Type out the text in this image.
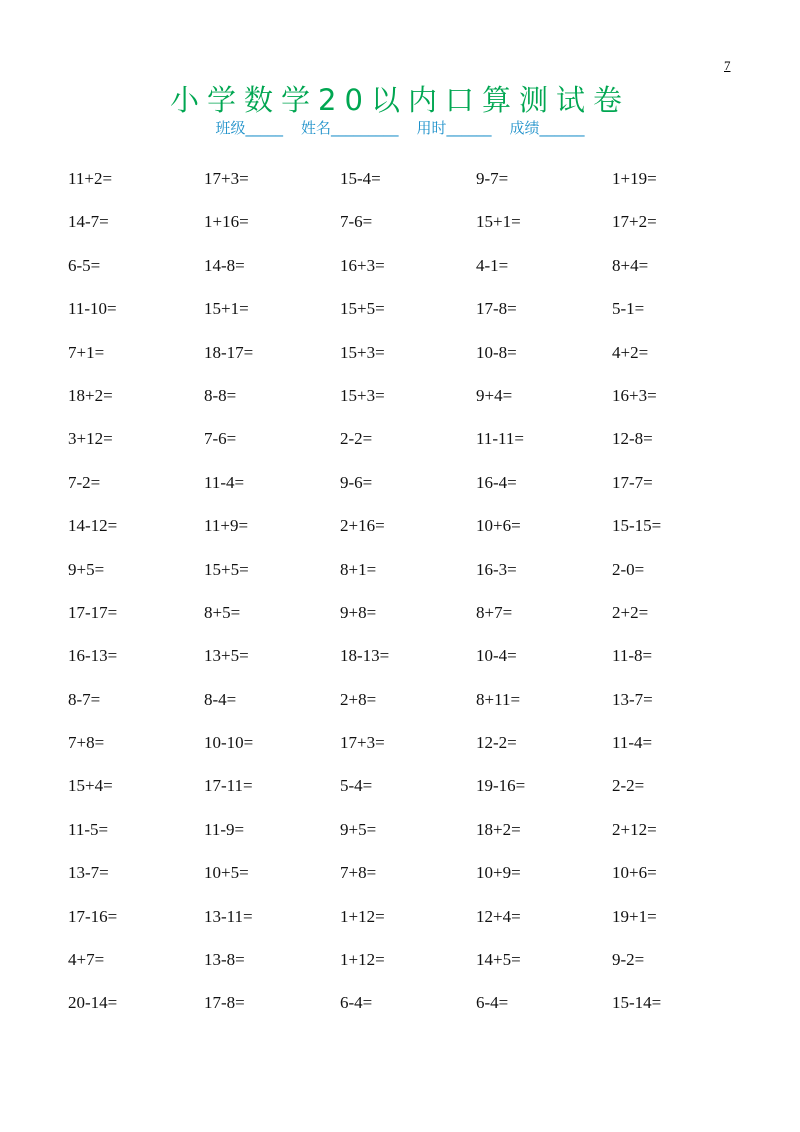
7
小学数学20以内口算测试卷
班级_____ 姓名_________ 用时______ 成绩______
11+2=	17+3=	15-4=	9-7=	1+19=
14-7=	1+16=	7-6=	15+1=	17+2=
6-5=	14-8=	16+3=	4-1=	8+4=
11-10=	15+1=	15+5=	17-8=	5-1=
7+1=	18-17=	15+3=	10-8=	4+2=
18+2=	8-8=	15+3=	9+4=	16+3=
3+12=	7-6=	2-2=	11-11=	12-8=
7-2=	11-4=	9-6=	16-4=	17-7=
14-12=	11+9=	2+16=	10+6=	15-15=
9+5=	15+5=	8+1=	16-3=	2-0=
17-17=	8+5=	9+8=	8+7=	2+2=
16-13=	13+5=	18-13=	10-4=	11-8=
8-7=	8-4=	2+8=	8+11=	13-7=
7+8=	10-10=	17+3=	12-2=	11-4=
15+4=	17-11=	5-4=	19-16=	2-2=
11-5=	11-9=	9+5=	18+2=	2+12=
13-7=	10+5=	7+8=	10+9=	10+6=
17-16=	13-11=	1+12=	12+4=	19+1=
4+7=	13-8=	1+12=	14+5=	9-2=
20-14=	17-8=	6-4=	6-4=	15-14=
